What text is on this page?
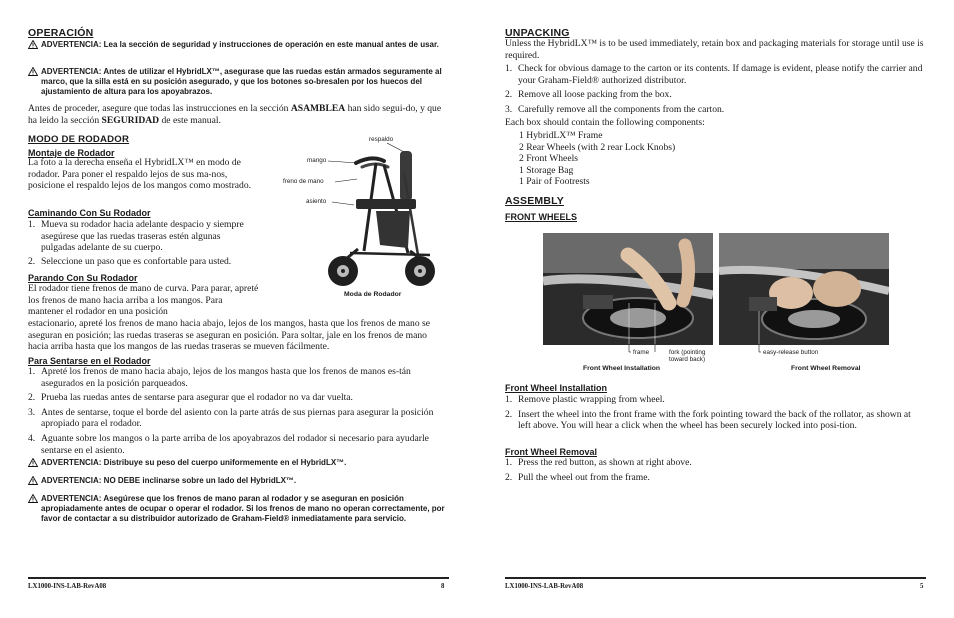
OPERACIÓN
ADVERTENCIA: Lea la sección de seguridad y instrucciones de operación en este manual antes de usar.
ADVERTENCIA: Antes de utilizar el HybridLX™, asegurase que las ruedas están armados seguramente al marco, que la silla está en su posición asegurado, y que los botones so-bresalen por los huecos del ajustamiento de altura para los apoyabrazos.
Antes de proceder, asegure que todas las instrucciones en la sección ASAMBLEA han sido segui-do, y que ha leido la sección SEGURIDAD de este manual.
MODO DE RODADOR
Montaje de Rodador
La foto a la derecha enseña el HybridLX™ en modo de rodador. Para poner el respaldo lejos de sus ma-nos, posicione el respaldo lejos de los mangos como mostrado.
Caminando Con Su Rodador
1. Mueva su rodador hacia adelante despacio y siempre asegúrese que las ruedas traseras estén algunas pulgadas adelante de su cuerpo.
2. Seleccione un paso que es confortable para usted.
Parando Con Su Rodador
El rodador tiene frenos de mano de curva. Para parar, apreté los frenos de mano hacia arriba a los mangos. Para mantener el rodador en una posición
estacionario, apreté los frenos de mano hacia abajo, lejos de los mangos, hasta que los frenos de mano se aseguran en posición; las ruedas traseras se aseguran en posición. Para soltar, jale en los frenos de mano hacia arriba hasta que los mangos de las ruedas traseras se mueven fácilmente.
respaldo
mango
freno de mano
asiento
Moda de Rodador
Para Sentarse en el Rodador
1. Apreté los frenos de mano hacia abajo, lejos de los mangos hasta que los frenos de manos es-tán asegurados en la posición parqueados.
2. Prueba las ruedas antes de sentarse para asegurar que el rodador no va dar vuelta.
3. Antes de sentarse, toque el borde del asiento con la parte atrás de sus piernas para asegurar la posición apropiado para el rodador.
4. Aguante sobre los mangos o la parte arriba de los apoyabrazos del rodador si necesario para ayudarle sentarse en el asiento.
ADVERTENCIA: Distribuye su peso del cuerpo uniformemente en el HybridLX™.
ADVERTENCIA: NO DEBE inclinarse sobre un lado del HybridLX™.
ADVERTENCIA: Asegúrese que los frenos de mano paran al rodador y se aseguran en posición apropiadamente antes de ocupar o operar el rodador. Si los frenos de mano no operan correctamente, por favor de contactar a su distribuidor autorizado de Graham-Field® inmediatamente para servicio.
LX1000-INS-LAB-RevA08	8
UNPACKING
Unless the HybridLX™ is to be used immediately, retain box and packaging materials for storage until use is required.
1. Check for obvious damage to the carton or its contents. If damage is evident, please notify the carrier and your Graham-Field® authorized distributor.
2. Remove all loose packing from the box.
3. Carefully remove all the components from the carton.
Each box should contain the following components:
1 HybridLX™ Frame
2 Rear Wheels (with 2 rear Lock Knobs)
2 Front Wheels
1 Storage Bag
1 Pair of Footrests
ASSEMBLY
FRONT WHEELS
frame	fork (pointing toward back)
easy-release button
Front Wheel Installation	Front Wheel Removal
Front Wheel Installation
1. Remove plastic wrapping from wheel.
2. Insert the wheel into the front frame with the fork pointing toward the back of the rollator, as shown at left above. You will hear a click when the wheel has been securely locked into posi-tion.
Front Wheel Removal
1. Press the red button, as shown at right above.
2. Pull the wheel out from the frame.
LX1000-INS-LAB-RevA08	5
